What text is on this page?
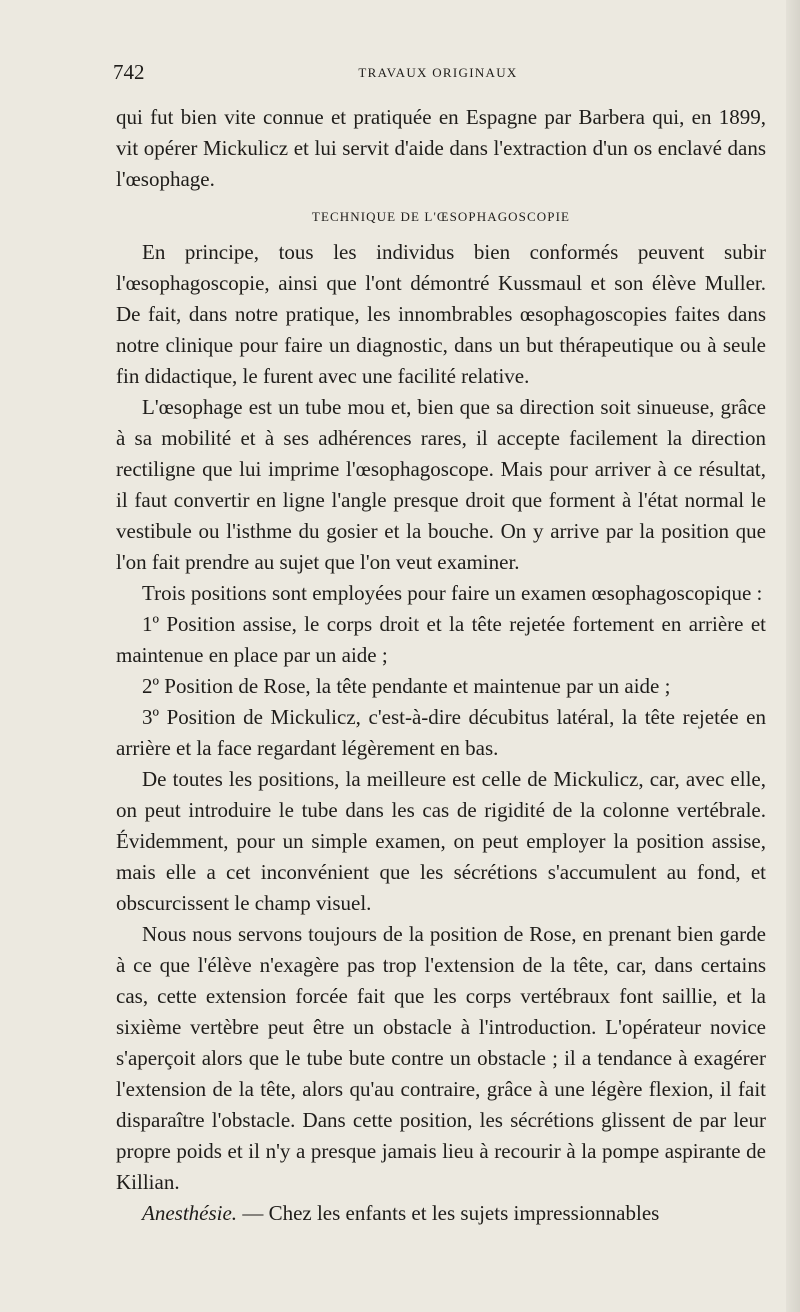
742	TRAVAUX ORIGINAUX

qui fut bien vite connue et pratiquée en Espagne par Barbera qui, en 1899, vit opérer Mickulicz et lui servit d'aide dans l'extraction d'un os enclavé dans l'œsophage.

TECHNIQUE DE L'ŒSOPHAGOSCOPIE

En principe, tous les individus bien conformés peuvent subir l'œsophagoscopie, ainsi que l'ont démontré Kussmaul et son élève Muller. De fait, dans notre pratique, les innombrables œsophagoscopies faites dans notre clinique pour faire un diagnostic, dans un but thérapeutique ou à seule fin didactique, le furent avec une facilité relative.

L'œsophage est un tube mou et, bien que sa direction soit sinueuse, grâce à sa mobilité et à ses adhérences rares, il accepte facilement la direction rectiligne que lui imprime l'œsophagoscope. Mais pour arriver à ce résultat, il faut convertir en ligne l'angle presque droit que forment à l'état normal le vestibule ou l'isthme du gosier et la bouche. On y arrive par la position que l'on fait prendre au sujet que l'on veut examiner.

Trois positions sont employées pour faire un examen œsophagoscopique :

1º Position assise, le corps droit et la tête rejetée fortement en arrière et maintenue en place par un aide ;

2º Position de Rose, la tête pendante et maintenue par un aide ;

3º Position de Mickulicz, c'est-à-dire décubitus latéral, la tête rejetée en arrière et la face regardant légèrement en bas.

De toutes les positions, la meilleure est celle de Mickulicz, car, avec elle, on peut introduire le tube dans les cas de rigidité de la colonne vertébrale. Évidemment, pour un simple examen, on peut employer la position assise, mais elle a cet inconvénient que les sécrétions s'accumulent au fond, et obscurcissent le champ visuel.

Nous nous servons toujours de la position de Rose, en prenant bien garde à ce que l'élève n'exagère pas trop l'extension de la tête, car, dans certains cas, cette extension forcée fait que les corps vertébraux font saillie, et la sixième vertèbre peut être un obstacle à l'introduction. L'opérateur novice s'aperçoit alors que le tube bute contre un obstacle ; il a tendance à exagérer l'extension de la tête, alors qu'au contraire, grâce à une légère flexion, il fait disparaître l'obstacle. Dans cette position, les sécrétions glissent de par leur propre poids et il n'y a presque jamais lieu à recourir à la pompe aspirante de Killian.

Anesthésie. — Chez les enfants et les sujets impressionnables
